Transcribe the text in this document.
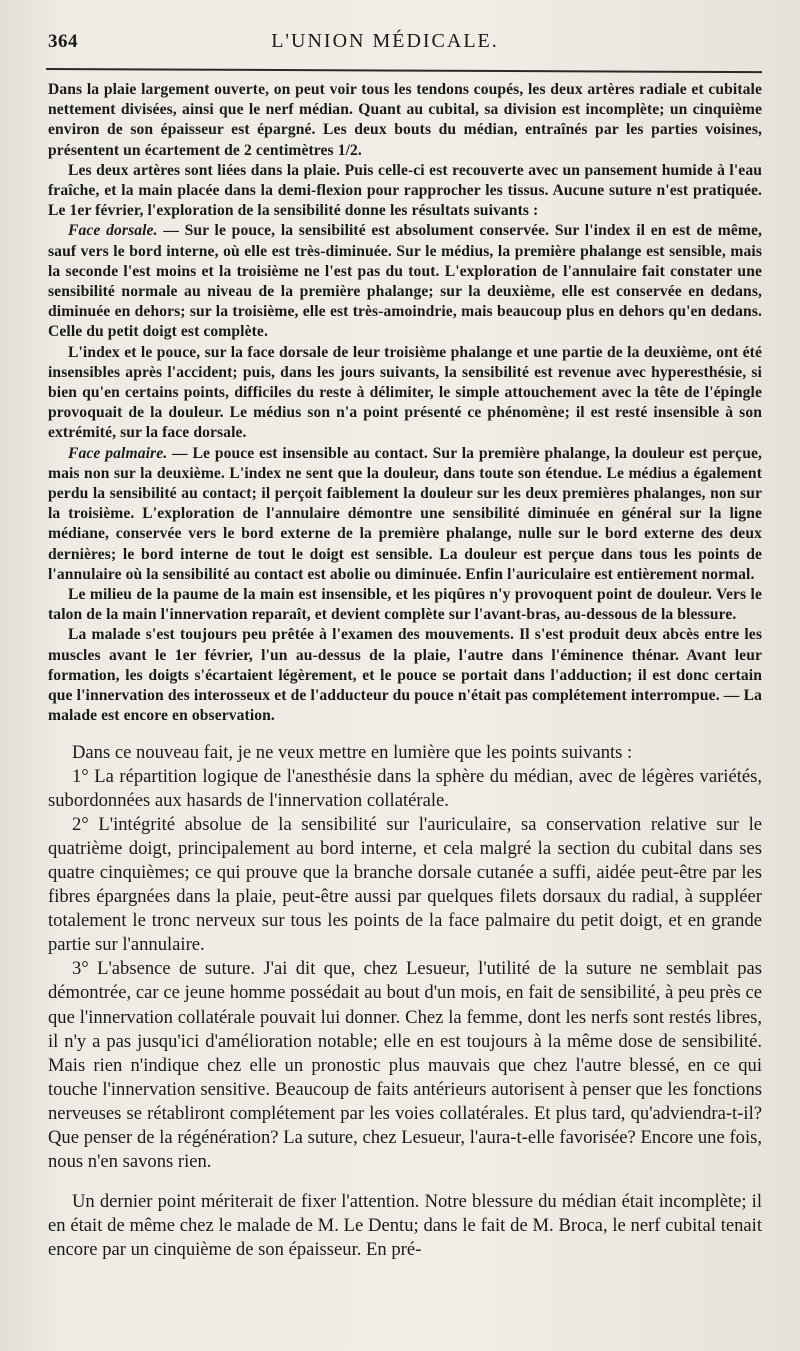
364	L'UNION MÉDICALE.

Dans la plaie largement ouverte, on peut voir tous les tendons coupés, les deux artères radiale et cubitale nettement divisées, ainsi que le nerf médian. Quant au cubital, sa division est incomplète; un cinquième environ de son épaisseur est épargné. Les deux bouts du médian, entraînés par les parties voisines, présentent un écartement de 2 centimètres 1/2.

Les deux artères sont liées dans la plaie. Puis celle-ci est recouverte avec un pansement humide à l'eau fraîche, et la main placée dans la demi-flexion pour rapprocher les tissus. Aucune suture n'est pratiquée. Le 1er février, l'exploration de la sensibilité donne les résultats suivants :

Face dorsale. — Sur le pouce, la sensibilité est absolument conservée. Sur l'index il en est de même, sauf vers le bord interne, où elle est très-diminuée. Sur le médius, la première phalange est sensible, mais la seconde l'est moins et la troisième ne l'est pas du tout. L'exploration de l'annulaire fait constater une sensibilité normale au niveau de la première phalange; sur la deuxième, elle est conservée en dedans, diminuée en dehors; sur la troisième, elle est très-amoindrie, mais beaucoup plus en dehors qu'en dedans. Celle du petit doigt est complète.

L'index et le pouce, sur la face dorsale de leur troisième phalange et une partie de la deuxième, ont été insensibles après l'accident; puis, dans les jours suivants, la sensibilité est revenue avec hyperesthésie, si bien qu'en certains points, difficiles du reste à délimiter, le simple attouchement avec la tête de l'épingle provoquait de la douleur. Le médius son n'a point présenté ce phénomène; il est resté insensible à son extrémité, sur la face dorsale.

Face palmaire. — Le pouce est insensible au contact. Sur la première phalange, la douleur est perçue, mais non sur la deuxième. L'index ne sent que la douleur, dans toute son étendue. Le médius a également perdu la sensibilité au contact; il perçoit faiblement la douleur sur les deux premières phalanges, non sur la troisième. L'exploration de l'annulaire démontre une sensibilité diminuée en général sur la ligne médiane, conservée vers le bord externe de la première phalange, nulle sur le bord externe des deux dernières; le bord interne de tout le doigt est sensible. La douleur est perçue dans tous les points de l'annulaire où la sensibilité au contact est abolie ou diminuée. Enfin l'auriculaire est entièrement normal.

Le milieu de la paume de la main est insensible, et les piqûres n'y provoquent point de douleur. Vers le talon de la main l'innervation reparaît, et devient complète sur l'avant-bras, au-dessous de la blessure.

La malade s'est toujours peu prêtée à l'examen des mouvements. Il s'est produit deux abcès entre les muscles avant le 1er février, l'un au-dessus de la plaie, l'autre dans l'éminence thénar. Avant leur formation, les doigts s'écartaient légèrement, et le pouce se portait dans l'adduction; il est donc certain que l'innervation des interosseux et de l'adducteur du pouce n'était pas complétement interrompue. — La malade est encore en observation.

Dans ce nouveau fait, je ne veux mettre en lumière que les points suivants :

1° La répartition logique de l'anesthésie dans la sphère du médian, avec de légères variétés, subordonnées aux hasards de l'innervation collatérale.

2° L'intégrité absolue de la sensibilité sur l'auriculaire, sa conservation relative sur le quatrième doigt, principalement au bord interne, et cela malgré la section du cubital dans ses quatre cinquièmes; ce qui prouve que la branche dorsale cutanée a suffi, aidée peut-être par les fibres épargnées dans la plaie, peut-être aussi par quelques filets dorsaux du radial, à suppléer totalement le tronc nerveux sur tous les points de la face palmaire du petit doigt, et en grande partie sur l'annulaire.

3° L'absence de suture. J'ai dit que, chez Lesueur, l'utilité de la suture ne semblait pas démontrée, car ce jeune homme possédait au bout d'un mois, en fait de sensibilité, à peu près ce que l'innervation collatérale pouvait lui donner. Chez la femme, dont les nerfs sont restés libres, il n'y a pas jusqu'ici d'amélioration notable; elle en est toujours à la même dose de sensibilité. Mais rien n'indique chez elle un pronostic plus mauvais que chez l'autre blessé, en ce qui touche l'innervation sensitive. Beaucoup de faits antérieurs autorisent à penser que les fonctions nerveuses se rétabliront complétement par les voies collatérales. Et plus tard, qu'adviendra-t-il? Que penser de la régénération? La suture, chez Lesueur, l'aura-t-elle favorisée? Encore une fois, nous n'en savons rien.

Un dernier point mériterait de fixer l'attention. Notre blessure du médian était incomplète; il en était de même chez le malade de M. Le Dentu; dans le fait de M. Broca, le nerf cubital tenait encore par un cinquième de son épaisseur. En pré-
